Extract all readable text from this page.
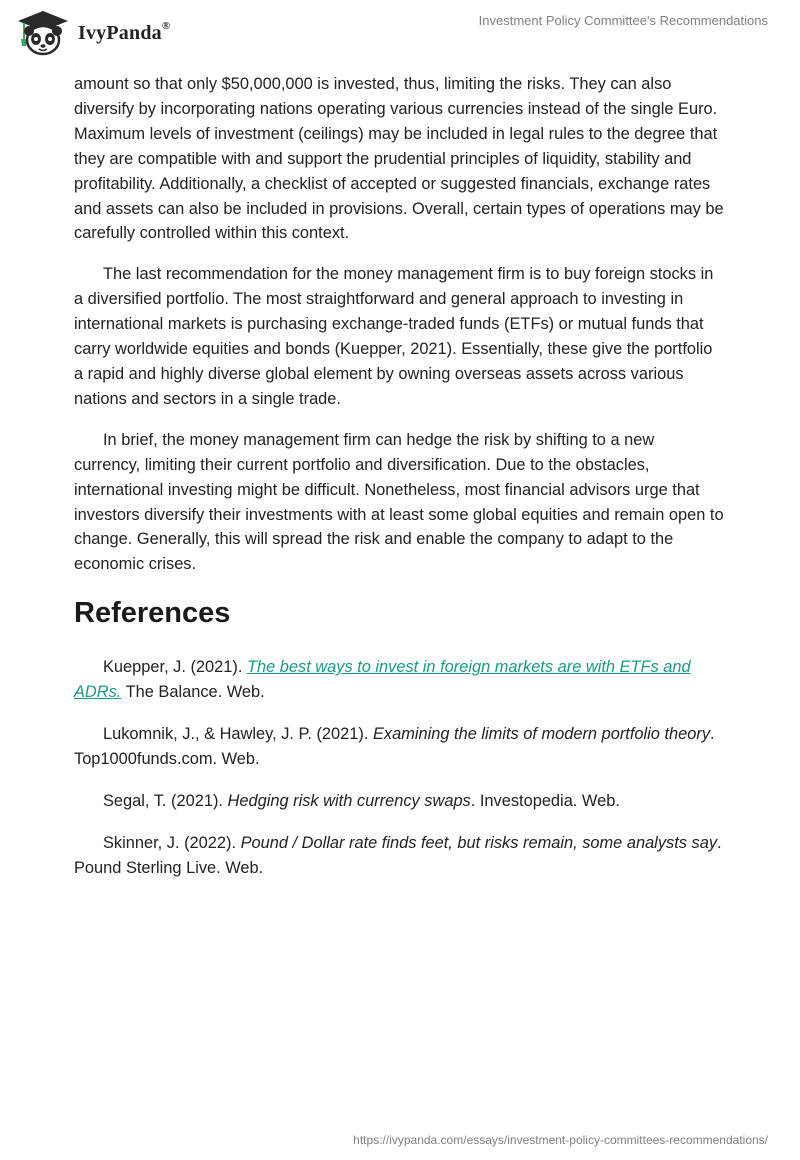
IvyPanda®	Investment Policy Committee's Recommendations

amount so that only $50,000,000 is invested, thus, limiting the risks. They can also diversify by incorporating nations operating various currencies instead of the single Euro. Maximum levels of investment (ceilings) may be included in legal rules to the degree that they are compatible with and support the prudential principles of liquidity, stability and profitability. Additionally, a checklist of accepted or suggested financials, exchange rates and assets can also be included in provisions. Overall, certain types of operations may be carefully controlled within this context.

The last recommendation for the money management firm is to buy foreign stocks in a diversified portfolio. The most straightforward and general approach to investing in international markets is purchasing exchange-traded funds (ETFs) or mutual funds that carry worldwide equities and bonds (Kuepper, 2021). Essentially, these give the portfolio a rapid and highly diverse global element by owning overseas assets across various nations and sectors in a single trade.

In brief, the money management firm can hedge the risk by shifting to a new currency, limiting their current portfolio and diversification. Due to the obstacles, international investing might be difficult. Nonetheless, most financial advisors urge that investors diversify their investments with at least some global equities and remain open to change. Generally, this will spread the risk and enable the company to adapt to the economic crises.

References
Kuepper, J. (2021). The best ways to invest in foreign markets are with ETFs and ADRs. The Balance. Web.
Lukomnik, J., & Hawley, J. P. (2021). Examining the limits of modern portfolio theory. Top1000funds.com. Web.
Segal, T. (2021). Hedging risk with currency swaps. Investopedia. Web.
Skinner, J. (2022). Pound / Dollar rate finds feet, but risks remain, some analysts say. Pound Sterling Live. Web.
https://ivypanda.com/essays/investment-policy-committees-recommendations/
